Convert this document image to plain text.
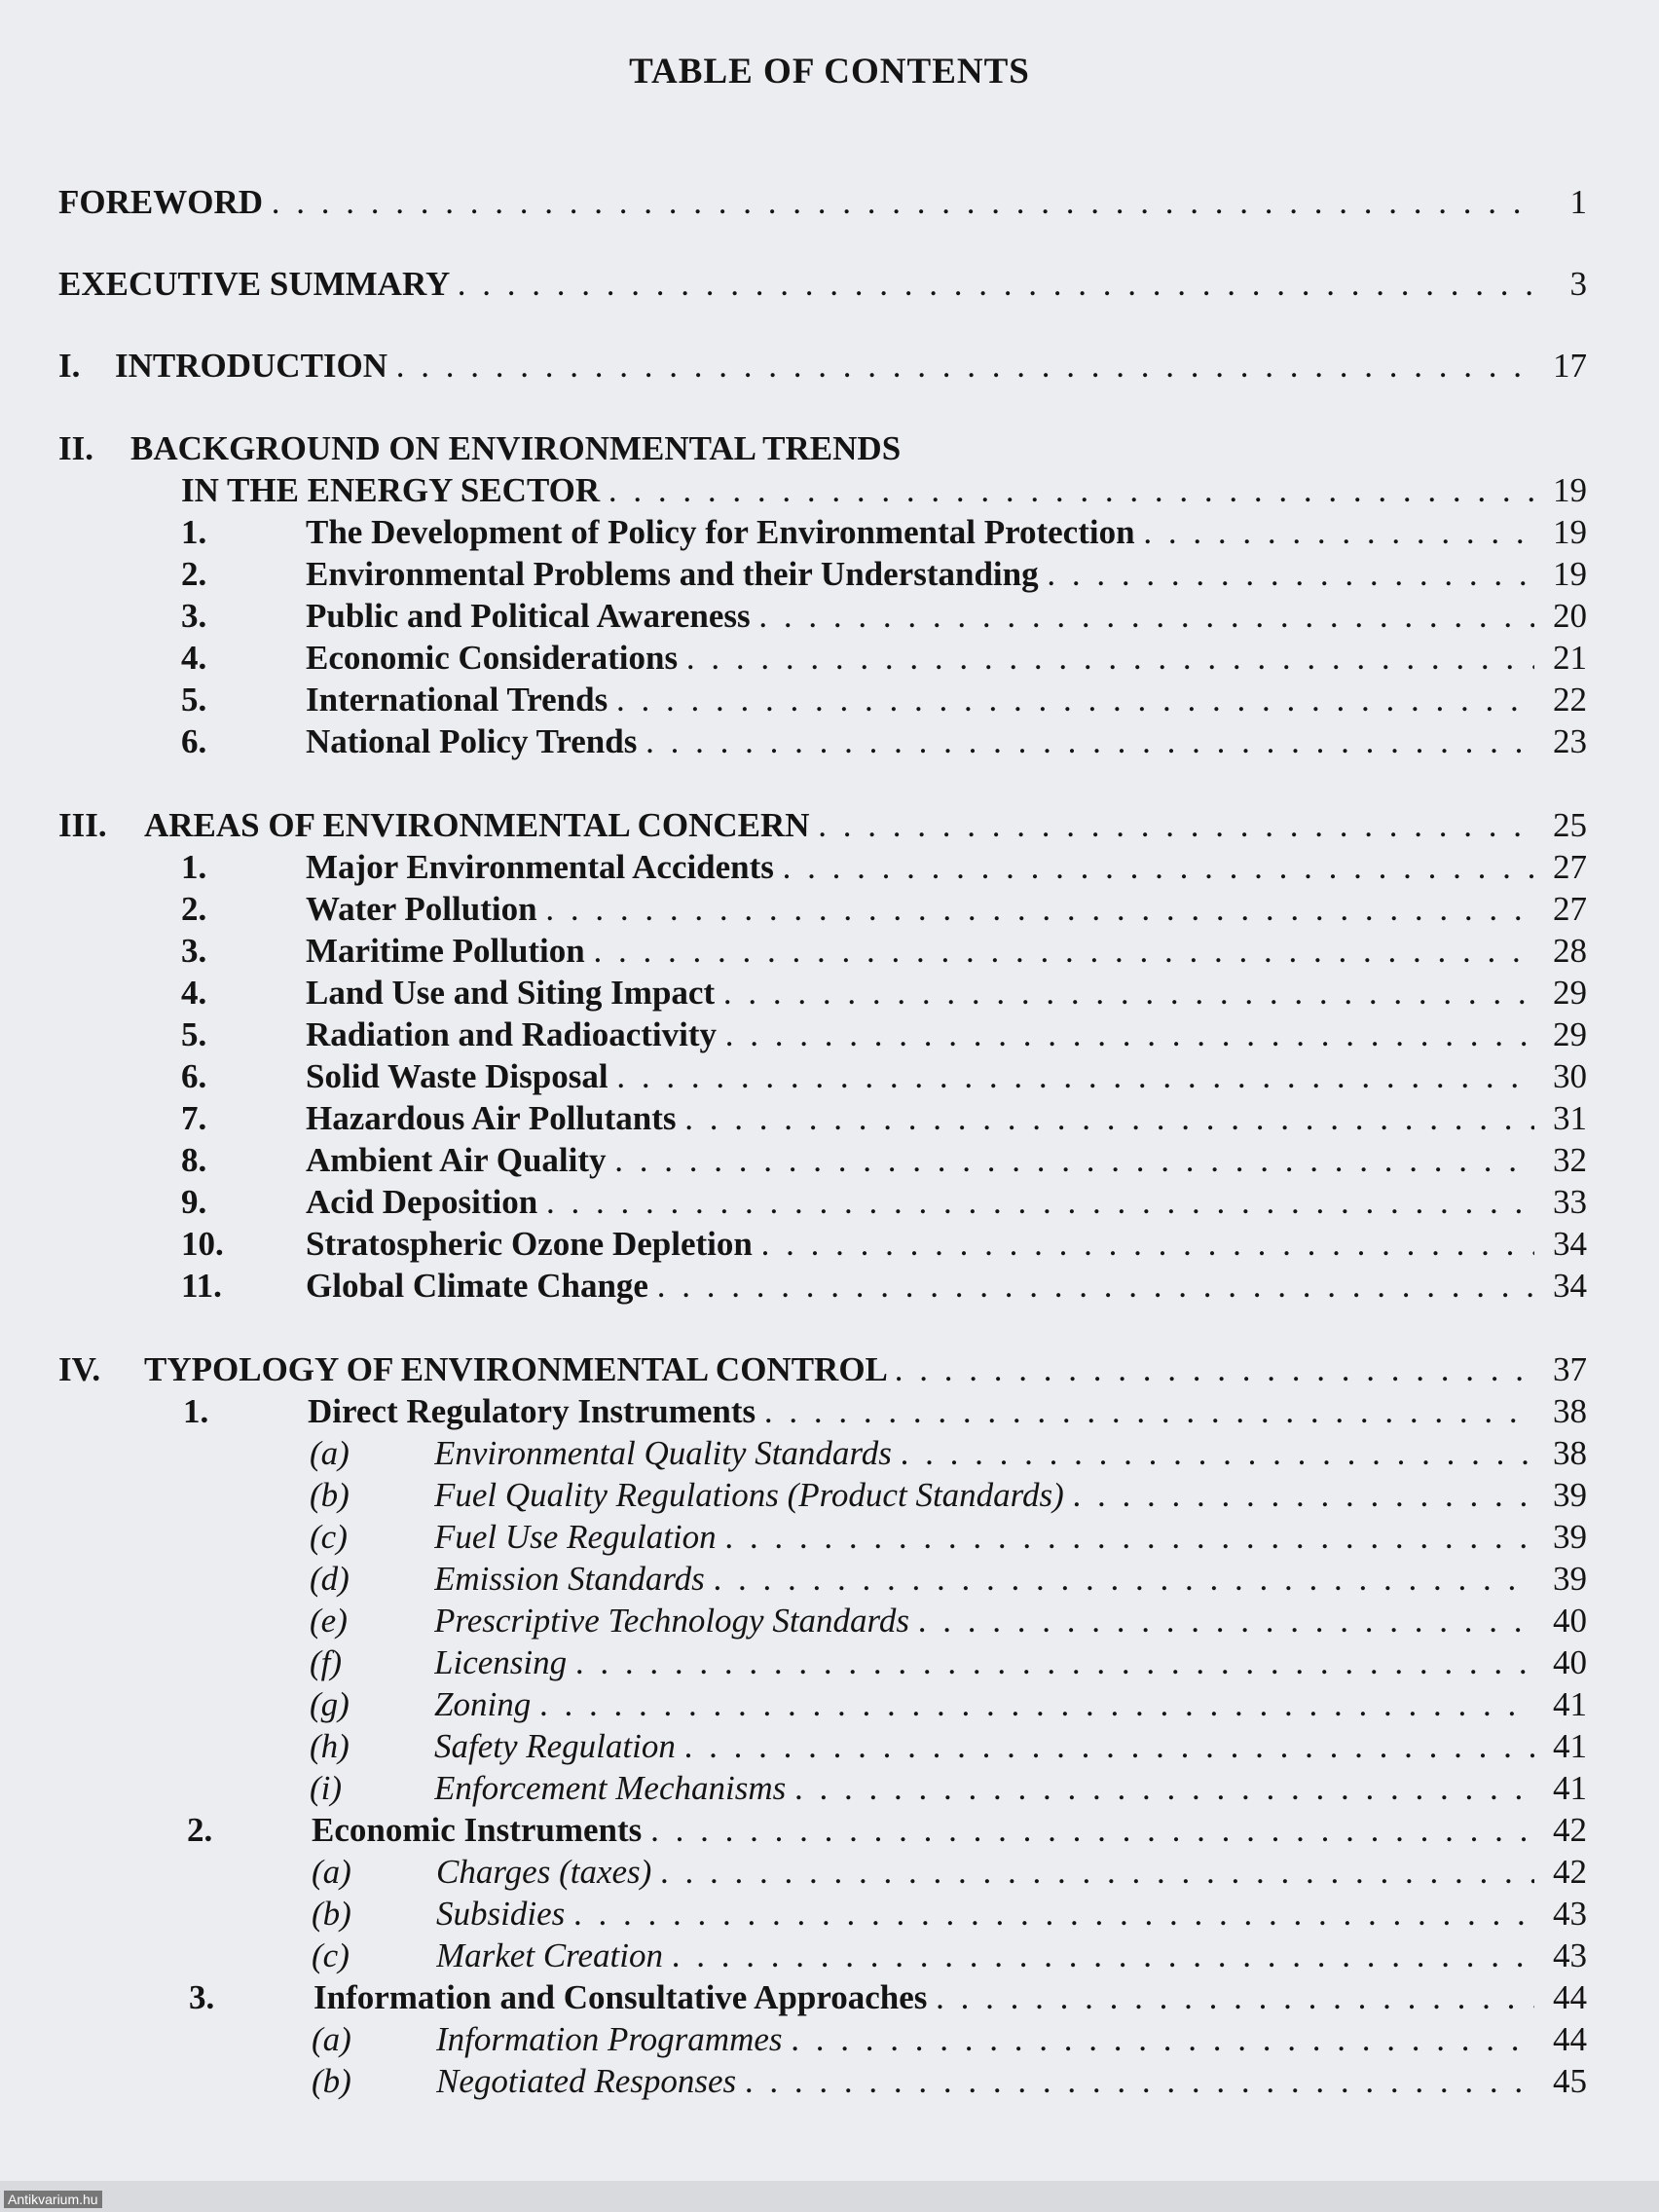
TABLE OF CONTENTS
FOREWORD . . .	1
EXECUTIVE SUMMARY . . .	3
I. INTRODUCTION . . .	17
II. BACKGROUND ON ENVIRONMENTAL TRENDS
IN THE ENERGY SECTOR . . .	19
1.	The Development of Policy for Environmental Protection . . .	19
2.	Environmental Problems and their Understanding . . .	19
3.	Public and Political Awareness . . .	20
4.	Economic Considerations . . .	21
5.	International Trends . . .	22
6.	National Policy Trends . . .	23
III. AREAS OF ENVIRONMENTAL CONCERN . . .	25
1.	Major Environmental Accidents . . .	27
2.	Water Pollution . . .	27
3.	Maritime Pollution . . .	28
4.	Land Use and Siting Impact . . .	29
5.	Radiation and Radioactivity . . .	29
6.	Solid Waste Disposal . . .	30
7.	Hazardous Air Pollutants . . .	31
8.	Ambient Air Quality . . .	32
9.	Acid Deposition . . .	33
10. Stratospheric Ozone Depletion . . .	34
11. Global Climate Change . . .	34
IV. TYPOLOGY OF ENVIRONMENTAL CONTROL . . .	37
1.	Direct Regulatory Instruments . . .	38
(a) Environmental Quality Standards . . .	38
(b) Fuel Quality Regulations (Product Standards) . . .	39
(c)	Fuel Use Regulation . . .	39
(d) Emission Standards . . .	39
(e)	Prescriptive Technology Standards . . .	40
(f)	Licensing . . .	40
(g) Zoning . . .	41
(h) Safety Regulation . . .	41
(i)	Enforcement Mechanisms . . .	41
2.	Economic Instruments . . .	42
(a) Charges (taxes) . . .	42
(b) Subsidies . . .	43
(c)	Market Creation . . .	43
3.	Information and Consultative Approaches . . .	44
(a) Information Programmes . . .	44
(b) Negotiated Responses . . .	45
Antikvarium.hu
